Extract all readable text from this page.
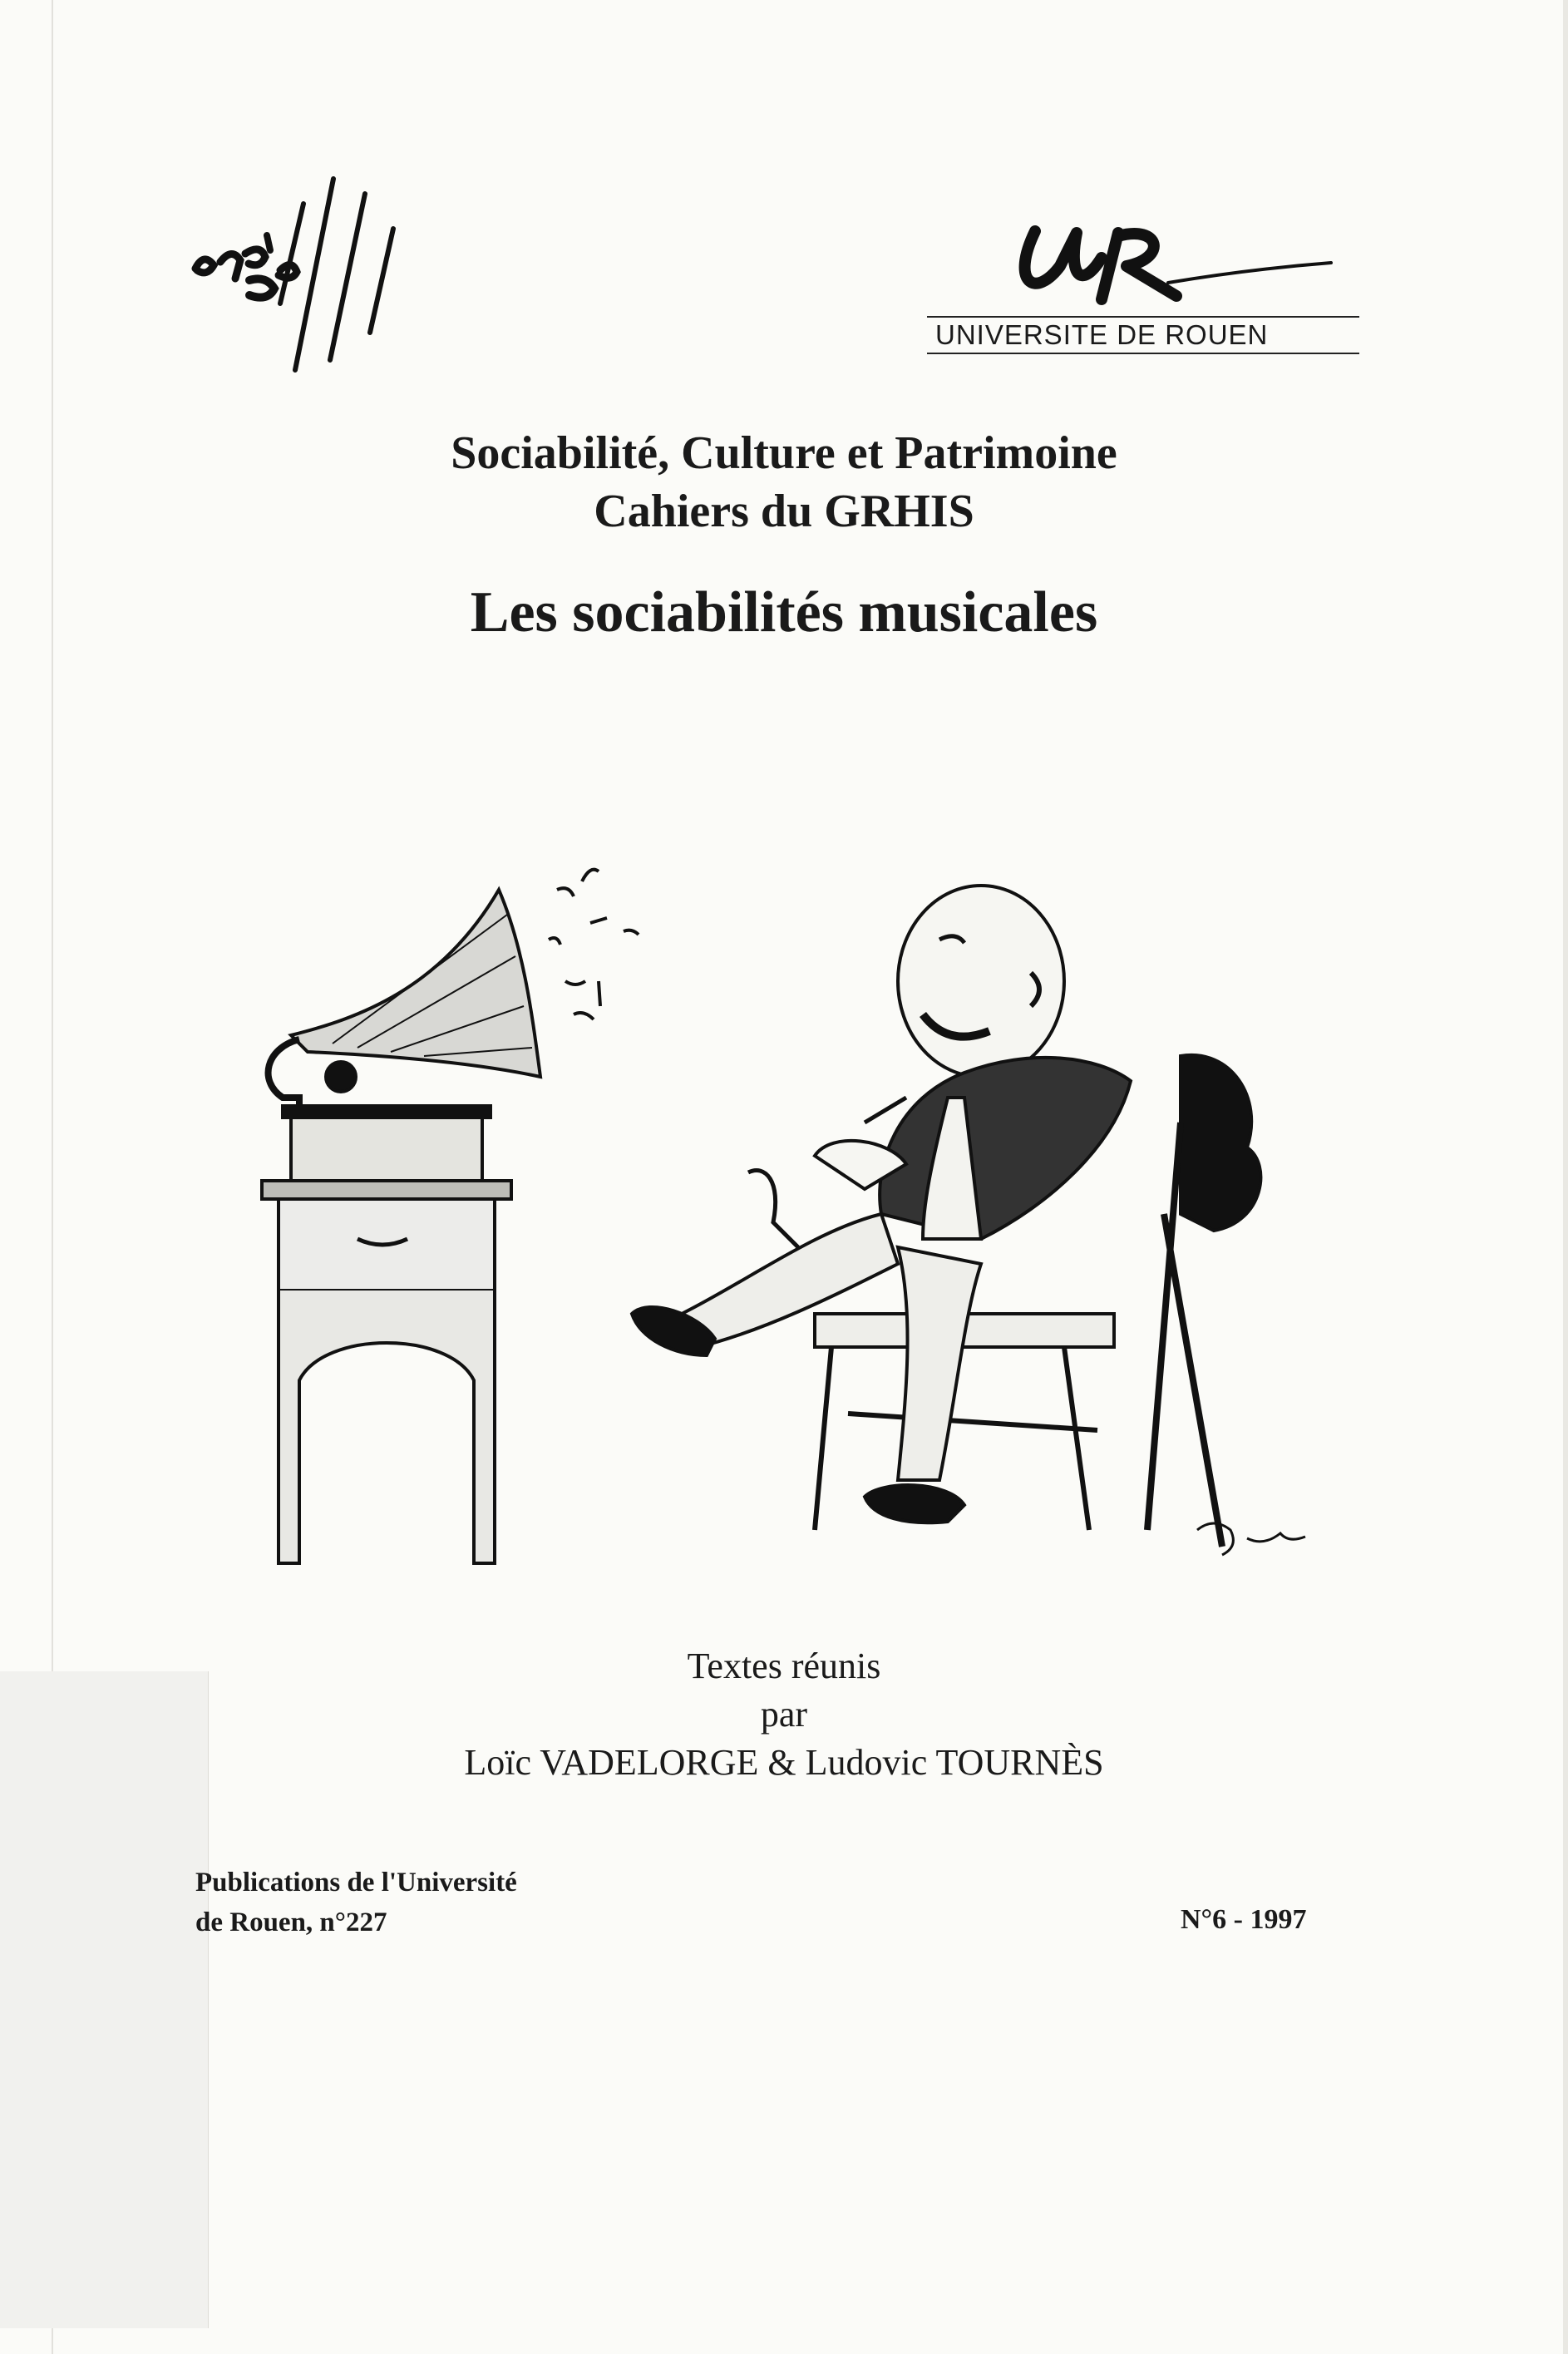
UNIVERSITE DE ROUEN

Sociabilité, Culture et Patrimoine

Cahiers du GRHIS

Les sociabilités musicales

Textes réunis

par

Loïc VADELORGE & Ludovic TOURNÈS

Publications de l'Université

de Rouen, n°227	N°6 - 1997
